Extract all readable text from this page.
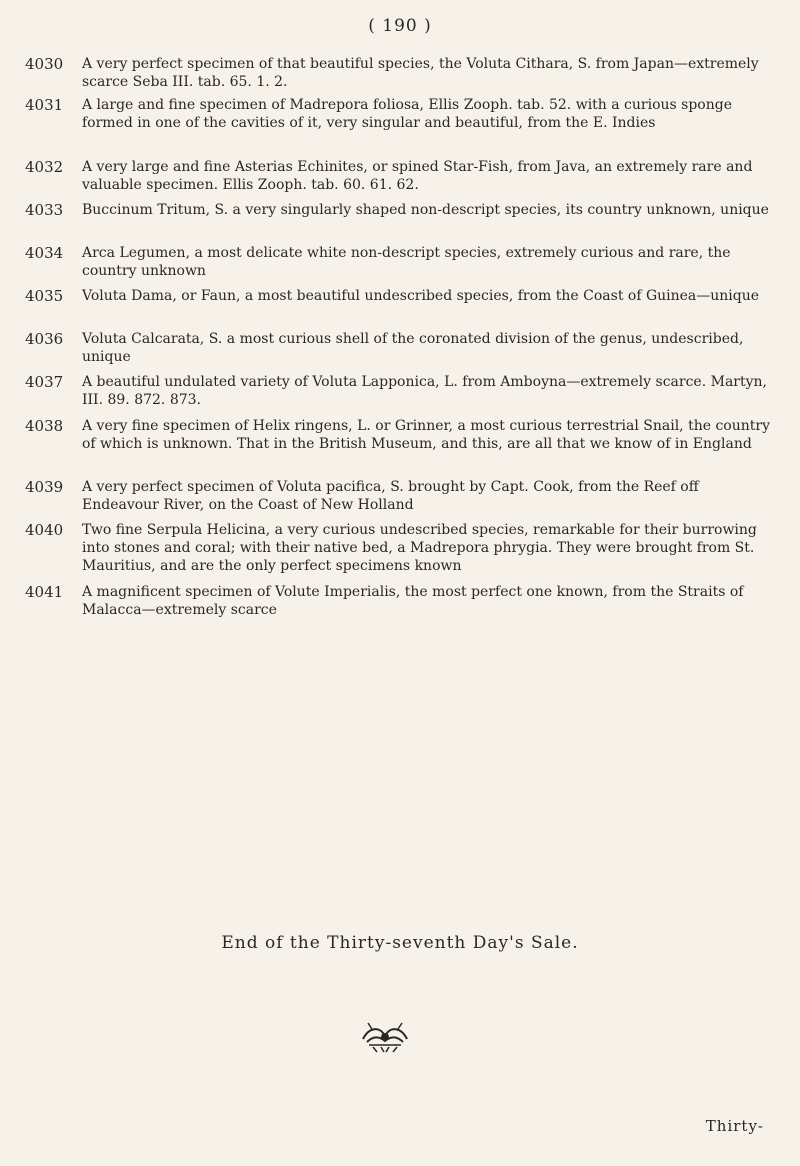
( 190 )
4030 A very perfect specimen of that beautiful species, the Voluta Cithara, S. from Japan—extremely scarce Seba III. tab. 65. 1. 2.
4031 A large and fine specimen of Madrepora foliosa, Ellis Zooph. tab. 52. with a curious sponge formed in one of the cavities of it, very singular and beautiful, from the E. Indies
4032 A very large and fine Asterias Echinites, or spined Star-Fish, from Java, an extremely rare and valuable specimen. Ellis Zooph. tab. 60. 61. 62.
4033 Buccinum Tritum, S. a very singularly shaped non-descript species, its country unknown, unique
4034 Arca Legumen, a most delicate white non-descript species, extremely curious and rare, the country unknown
4035 Voluta Dama, or Faun, a most beautiful undescribed species, from the Coast of Guinea—unique
4036 Voluta Calcarata, S. a most curious shell of the coronated division of the genus, undescribed, unique
4037 A beautiful undulated variety of Voluta Lapponica, L. from Amboyna—extremely scarce. Martyn, III. 89. 872. 873.
4038 A very fine specimen of Helix ringens, L. or Grinner, a most curious terrestrial Snail, the country of which is unknown. That in the British Museum, and this, are all that we know of in England
4039 A very perfect specimen of Voluta pacifica, S. brought by Capt. Cook, from the Reef off Endeavour River, on the Coast of New Holland
4040 Two fine Serpula Helicina, a very curious undescribed species, remarkable for their burrowing into stones and coral; with their native bed, a Madrepora phrygia. They were brought from St. Mauritius, and are the only perfect specimens known
4041 A magnificent specimen of Volute Imperialis, the most perfect one known, from the Straits of Malacca—extremely scarce
End of the Thirty-seventh Day's Sale.
Thirty-
